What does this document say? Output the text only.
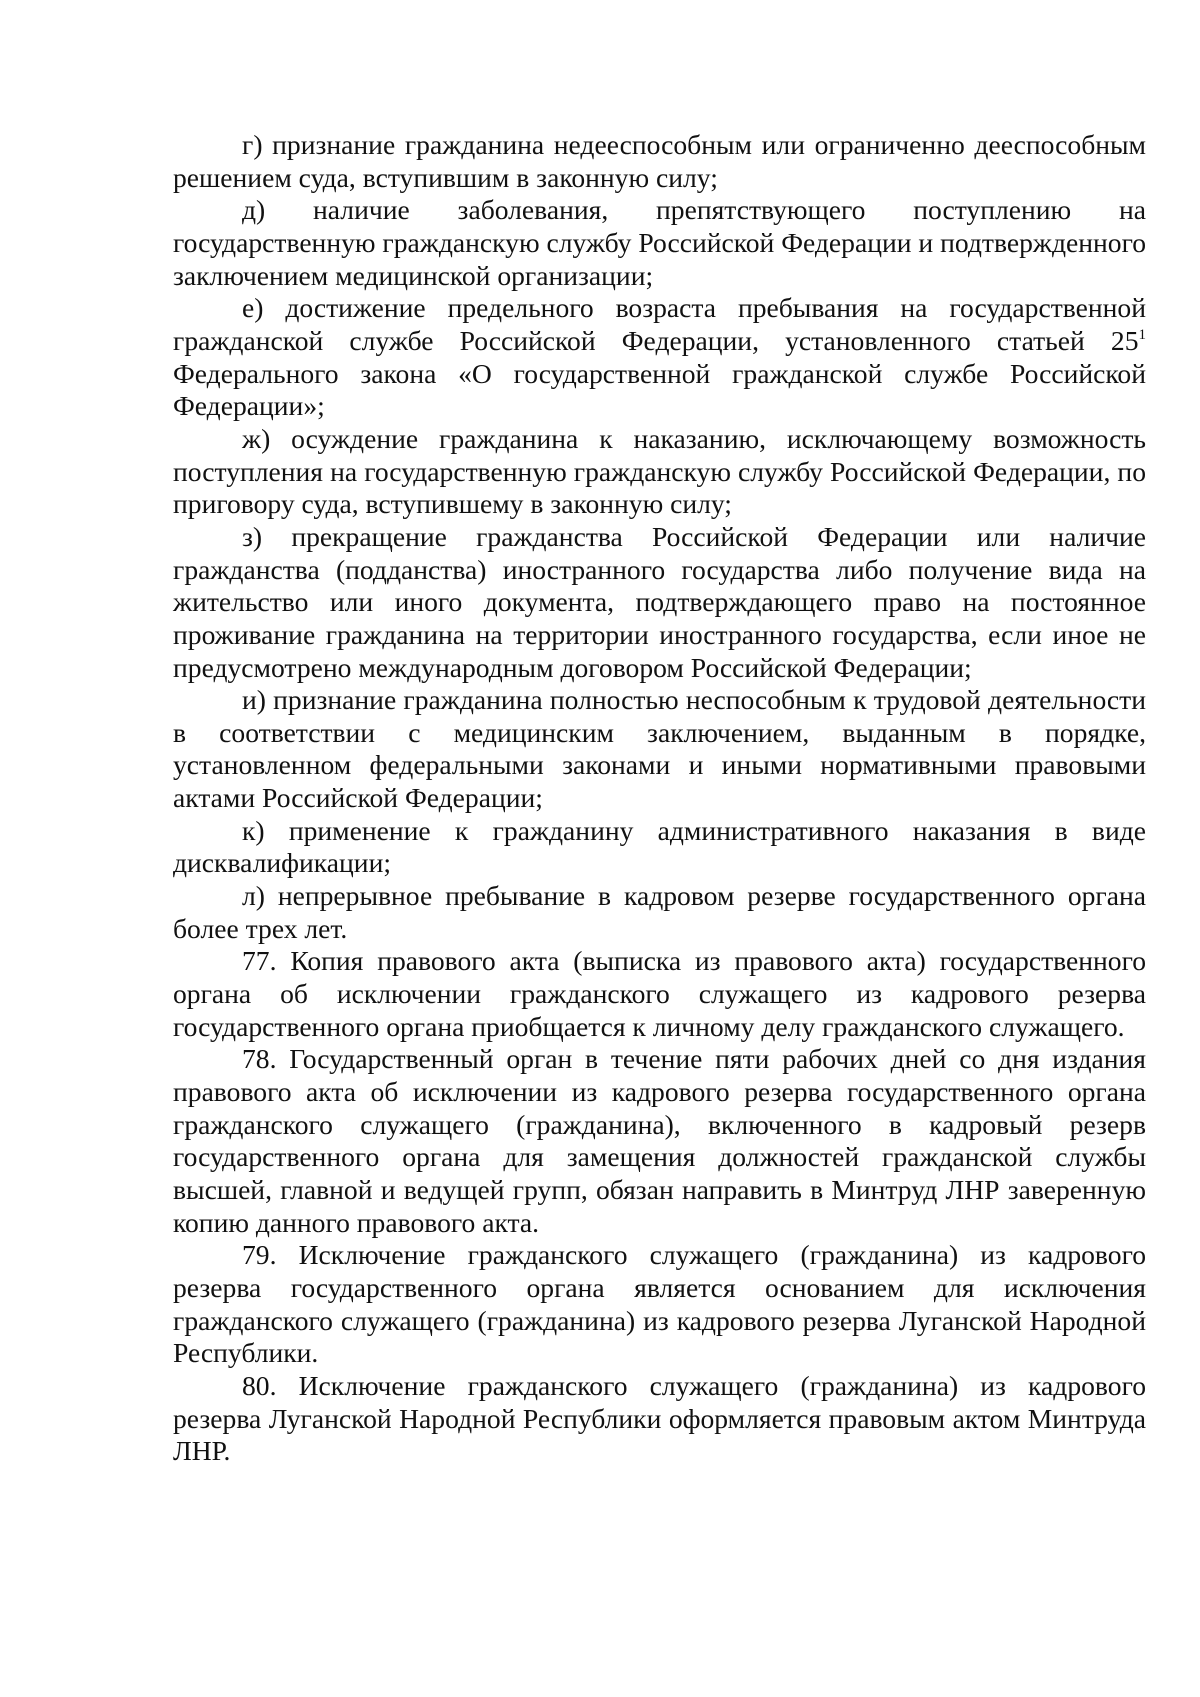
г) признание гражданина недееспособным или ограниченно дееспособным решением суда, вступившим в законную силу;

д) наличие заболевания, препятствующего поступлению на государственную гражданскую службу Российской Федерации и подтвержденного заключением медицинской организации;

е) достижение предельного возраста пребывания на государственной гражданской службе Российской Федерации, установленного статьей $25^1$ Федерального закона «О государственной гражданской службе Российской Федерации»;

ж) осуждение гражданина к наказанию, исключающему возможность поступления на государственную гражданскую службу Российской Федерации, по приговору суда, вступившему в законную силу;

з) прекращение гражданства Российской Федерации или наличие гражданства (подданства) иностранного государства либо получение вида на жительство или иного документа, подтверждающего право на постоянное проживание гражданина на территории иностранного государства, если иное не предусмотрено международным договором Российской Федерации;

и) признание гражданина полностью неспособным к трудовой деятельности в соответствии с медицинским заключением, выданным в порядке, установленном федеральными законами и иными нормативными правовыми актами Российской Федерации;

к) применение к гражданину административного наказания в виде дисквалификации;

л) непрерывное пребывание в кадровом резерве государственного органа более трех лет.

77. Копия правового акта (выписка из правового акта) государственного органа об исключении гражданского служащего из кадрового резерва государственного органа приобщается к личному делу гражданского служащего.

78. Государственный орган в течение пяти рабочих дней со дня издания правового акта об исключении из кадрового резерва государственного органа гражданского служащего (гражданина), включенного в кадровый резерв государственного органа для замещения должностей гражданской службы высшей, главной и ведущей групп, обязан направить в Минтруд ЛНР заверенную копию данного правового акта.

79. Исключение гражданского служащего (гражданина) из кадрового резерва государственного органа является основанием для исключения гражданского служащего (гражданина) из кадрового резерва Луганской Народной Республики.

80. Исключение гражданского служащего (гражданина) из кадрового резерва Луганской Народной Республики оформляется правовым актом Минтруда ЛНР.
